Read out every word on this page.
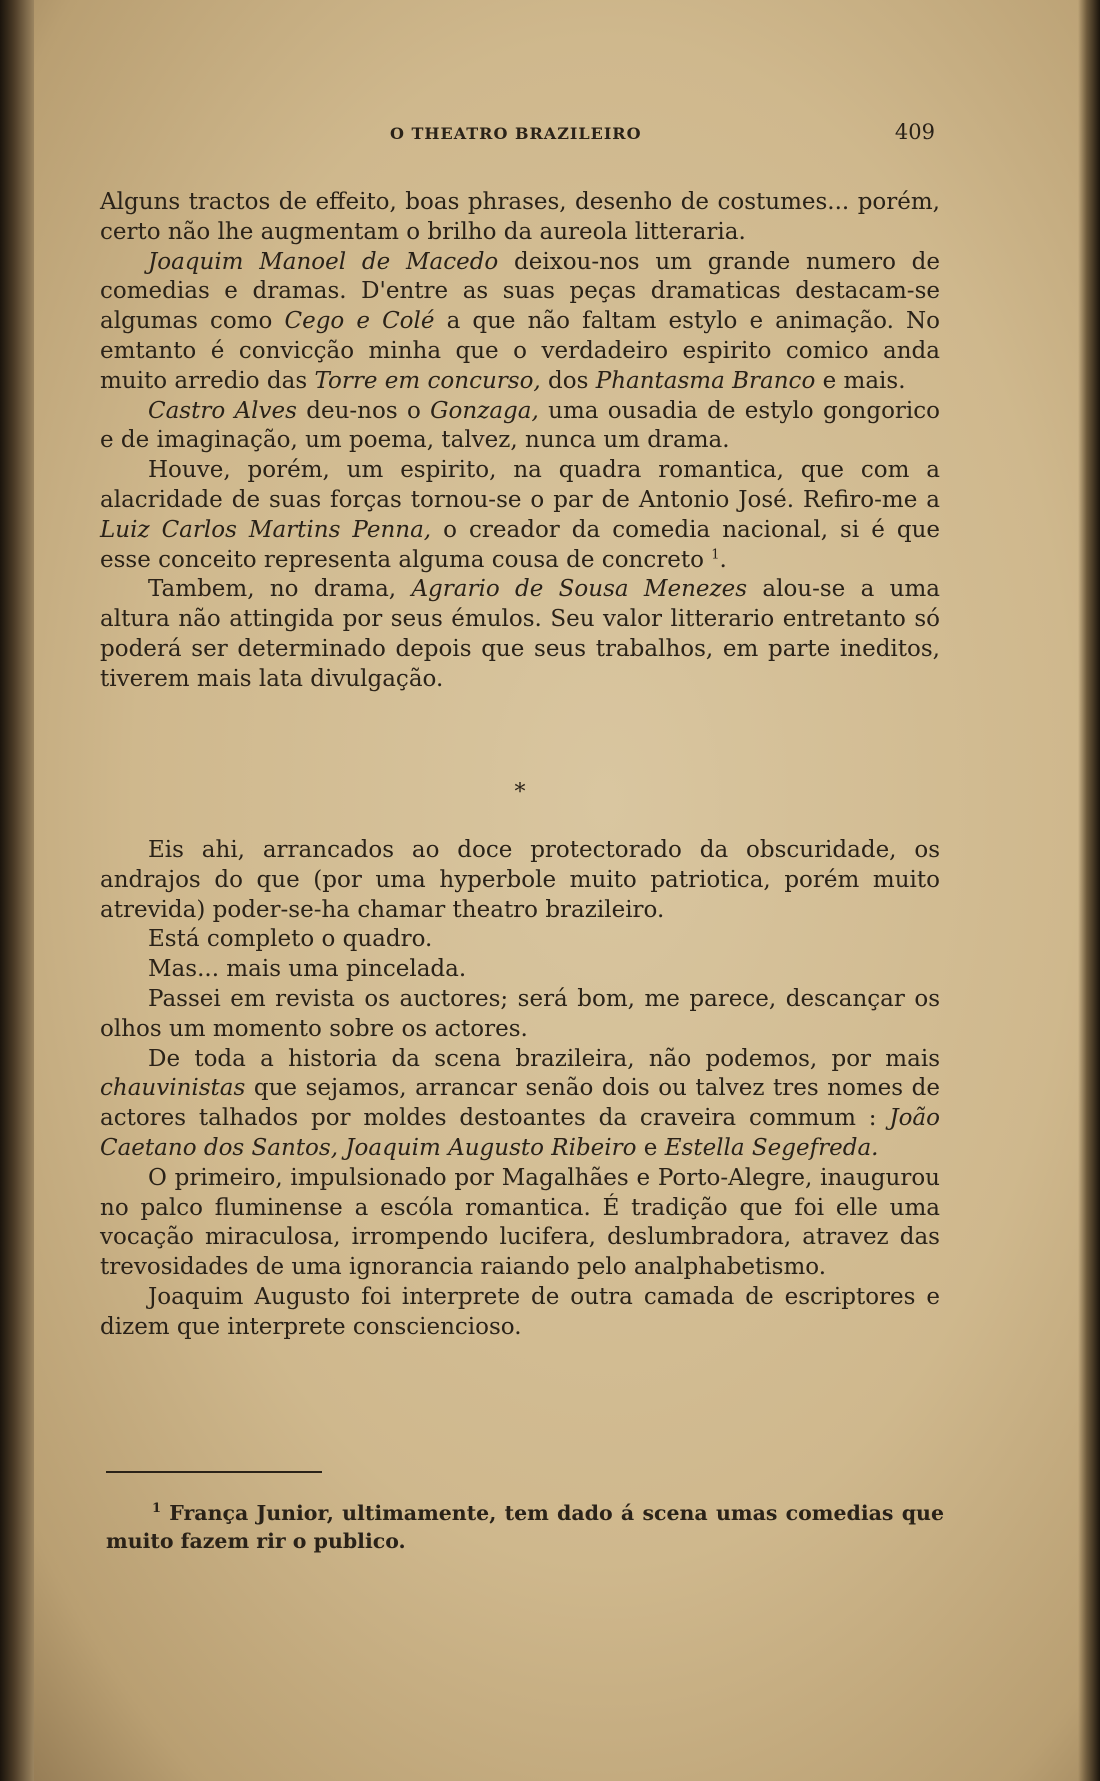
O THEATRO BRAZILEIRO	409

Alguns tractos de effeito, boas phrases, desenho de costumes... porém, certo não lhe augmentam o brilho da aureola litteraria.

Joaquim Manoel de Macedo deixou-nos um grande numero de comedias e dramas. D'entre as suas peças dramaticas destacam-se algumas como Cego e Colé a que não faltam estylo e animação. No emtanto é convicção minha que o verdadeiro espirito comico anda muito arredio das Torre em concurso, dos Phantasma Branco e mais.

Castro Alves deu-nos o Gonzaga, uma ousadia de estylo gongorico e de imaginação, um poema, talvez, nunca um drama.

Houve, porém, um espirito, na quadra romantica, que com a alacridade de suas forças tornou-se o par de Antonio José. Refiro-me a Luiz Carlos Martins Penna, o creador da comedia nacional, si é que esse conceito representa alguma cousa de concreto $^1$.

Tambem, no drama, Agrario de Sousa Menezes alou-se a uma altura não attingida por seus émulos. Seu valor litterario entretanto só poderá ser determinado depois que seus trabalhos, em parte ineditos, tiverem mais lata divulgação.

*

Eis ahi, arrancados ao doce protectorado da obscuridade, os andrajos do que (por uma hyperbole muito patriotica, porém muito atrevida) poder-se-ha chamar theatro brazileiro.

Está completo o quadro.

Mas... mais uma pincelada.

Passei em revista os auctores; será bom, me parece, descançar os olhos um momento sobre os actores.

De toda a historia da scena brazileira, não podemos, por mais chauvinistas que sejamos, arrancar senão dois ou talvez tres nomes de actores talhados por moldes destoantes da craveira commum : João Caetano dos Santos, Joaquim Augusto Ribeiro e Estella Segefreda.

O primeiro, impulsionado por Magalhães e Porto-Alegre, inaugurou no palco fluminense a escóla romantica. É tradição que foi elle uma vocação miraculosa, irrompendo lucifera, deslumbradora, atravez das trevosidades de uma ignorancia raiando pelo analphabetismo.

Joaquim Augusto foi interprete de outra camada de escriptores e dizem que interprete consciencioso.

$^1$ França Junior, ultimamente, tem dado á scena umas comedias que muito fazem rir o publico.
